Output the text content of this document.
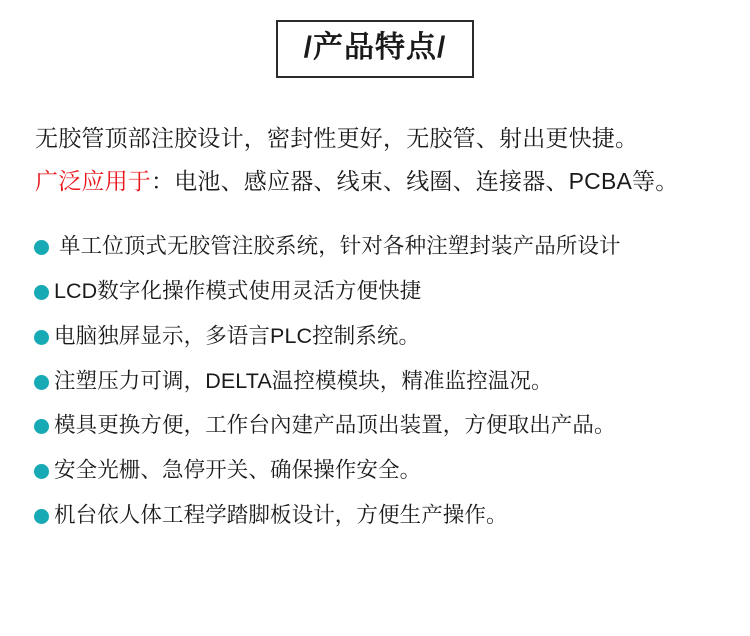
/产品特点/
无胶管顶部注胶设计，密封性更好，无胶管、射出更快捷。
广泛应用于：电池、感应器、线束、线圈、连接器、PCBA等。
单工位顶式无胶管注胶系统，针对各种注塑封装产品所设计
LCD数字化操作模式使用灵活方便快捷
电脑独屏显示，多语言PLC控制系统。
注塑压力可调，DELTA温控模模块，精准监控温况。
模具更换方便，工作台內建产品顶出装置，方便取出产品。
安全光栅、急停开关、确保操作安全。
机台依人体工程学踏脚板设计，方便生产操作。
